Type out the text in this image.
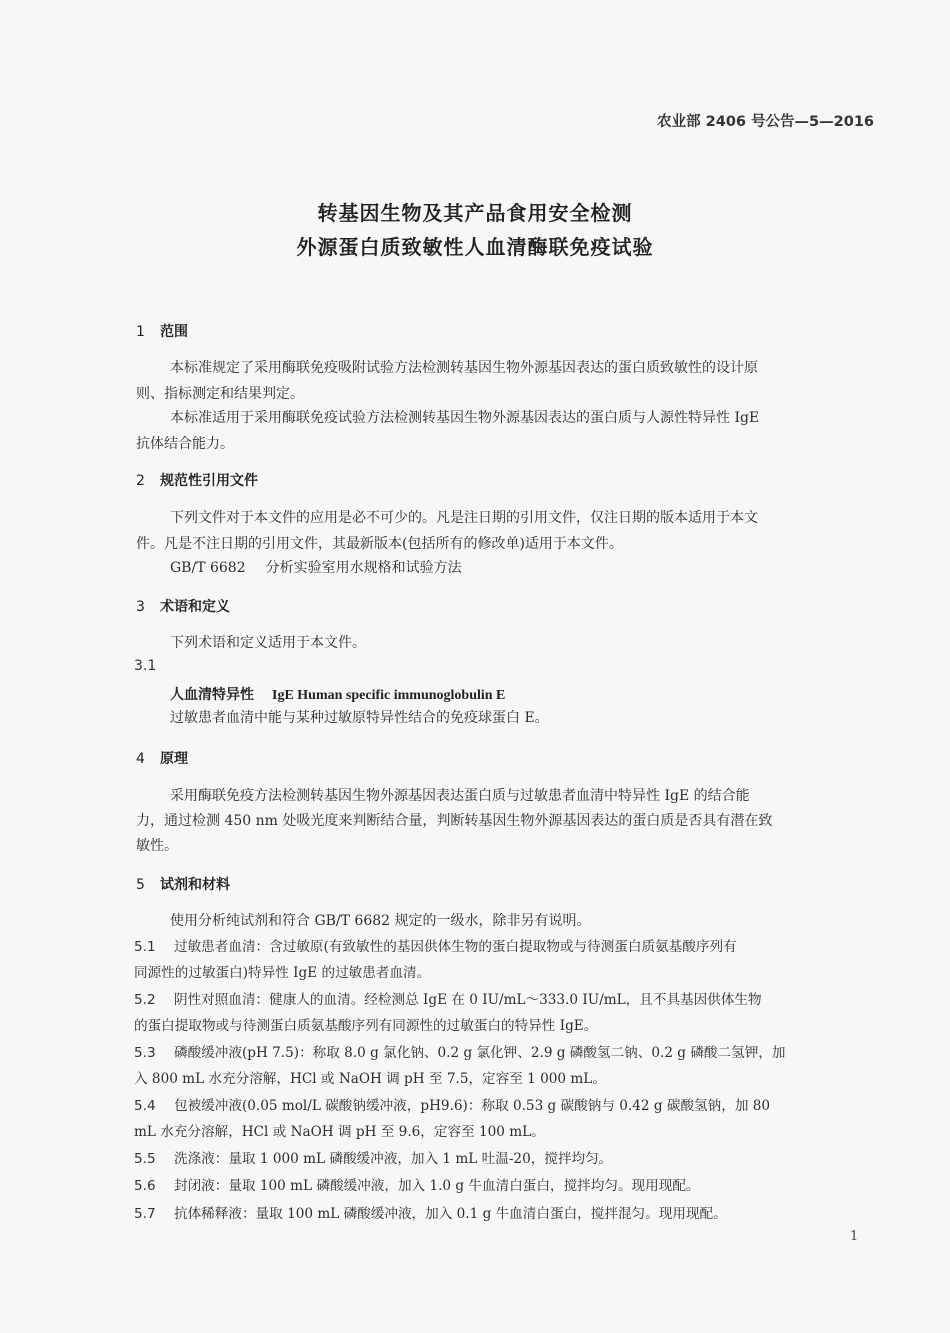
农业部 2406 号公告—5—2016
转基因生物及其产品食用安全检测
外源蛋白质致敏性人血清酶联免疫试验
1 范围
本标准规定了采用酶联免疫吸附试验方法检测转基因生物外源基因表达的蛋白质致敏性的设计原
则、指标测定和结果判定。
本标准适用于采用酶联免疫试验方法检测转基因生物外源基因表达的蛋白质与人源性特异性 IgE
抗体结合能力。
2 规范性引用文件
下列文件对于本文件的应用是必不可少的。凡是注日期的引用文件，仅注日期的版本适用于本文
件。凡是不注日期的引用文件，其最新版本(包括所有的修改单)适用于本文件。
GB/T 6682 分析实验室用水规格和试验方法
3 术语和定义
下列术语和定义适用于本文件。
3.1
人血清特异性 IgE Human specific immunoglobulin E
过敏患者血清中能与某种过敏原特异性结合的免疫球蛋白 E。
4 原理
采用酶联免疫方法检测转基因生物外源基因表达蛋白质与过敏患者血清中特异性 IgE 的结合能
力，通过检测 450 nm 处吸光度来判断结合量，判断转基因生物外源基因表达的蛋白质是否具有潜在致
敏性。
5 试剂和材料
使用分析纯试剂和符合 GB/T 6682 规定的一级水，除非另有说明。
5.1 过敏患者血清：含过敏原(有致敏性的基因供体生物的蛋白提取物或与待测蛋白质氨基酸序列有
同源性的过敏蛋白)特异性 IgE 的过敏患者血清。
5.2 阴性对照血清：健康人的血清。经检测总 IgE 在 0 IU/mL～333.0 IU/mL，且不具基因供体生物
的蛋白提取物或与待测蛋白质氨基酸序列有同源性的过敏蛋白的特异性 IgE。
5.3 磷酸缓冲液(pH 7.5)：称取 8.0 g 氯化钠、0.2 g 氯化钾、2.9 g 磷酸氢二钠、0.2 g 磷酸二氢钾，加
入 800 mL 水充分溶解，HCl 或 NaOH 调 pH 至 7.5，定容至 1 000 mL。
5.4 包被缓冲液(0.05 mol/L 碳酸钠缓冲液，pH9.6)：称取 0.53 g 碳酸钠与 0.42 g 碳酸氢钠，加 80
mL 水充分溶解，HCl 或 NaOH 调 pH 至 9.6，定容至 100 mL。
5.5 洗涤液：量取 1 000 mL 磷酸缓冲液，加入 1 mL 吐温-20，搅拌均匀。
5.6 封闭液：量取 100 mL 磷酸缓冲液，加入 1.0 g 牛血清白蛋白，搅拌均匀。现用现配。
5.7 抗体稀释液：量取 100 mL 磷酸缓冲液，加入 0.1 g 牛血清白蛋白，搅拌混匀。现用现配。
1
